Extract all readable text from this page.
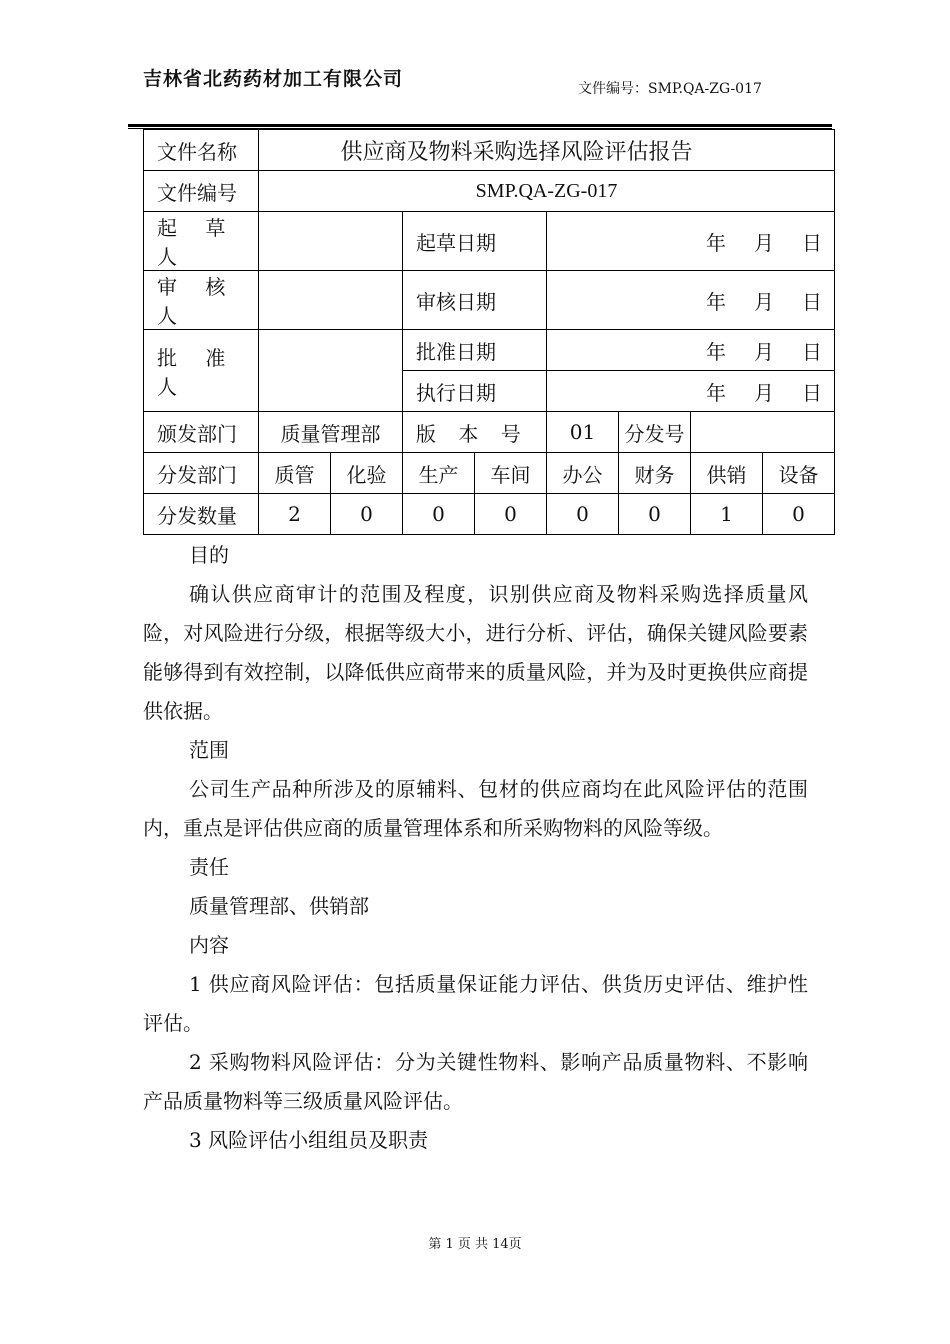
吉林省北药药材加工有限公司	文件编号：SMP.QA-ZG-017
文件名称	供应商及物料采购选择风险评估报告							
文件编号	SMP.QA-ZG-017							
起 草 人			起草日期		年 月 日			
审 核 人			审核日期		年 月 日			
批 准 人			批准日期		年 月 日			
			执行日期		年 月 日			
颁发部门	质量管理部		版 本 号		01	分发号		
分发部门	质管	化验	生产	车间	办公	财务	供销	设备
分发数量	2	0	0	0	0	0	1	0

目的

确认供应商审计的范围及程度，识别供应商及物料采购选择质量风险，对风险进行分级，根据等级大小，进行分析、评估，确保关键风险要素能够得到有效控制，以降低供应商带来的质量风险，并为及时更换供应商提供依据。

范围

公司生产品种所涉及的原辅料、包材的供应商均在此风险评估的范围内，重点是评估供应商的质量管理体系和所采购物料的风险等级。

责任

质量管理部、供销部

内容

1 供应商风险评估：包括质量保证能力评估、供货历史评估、维护性评估。

2 采购物料风险评估：分为关键性物料、影响产品质量物料、不影响产品质量物料等三级质量风险评估。

3 风险评估小组组员及职责

第 1 页 共 14页
